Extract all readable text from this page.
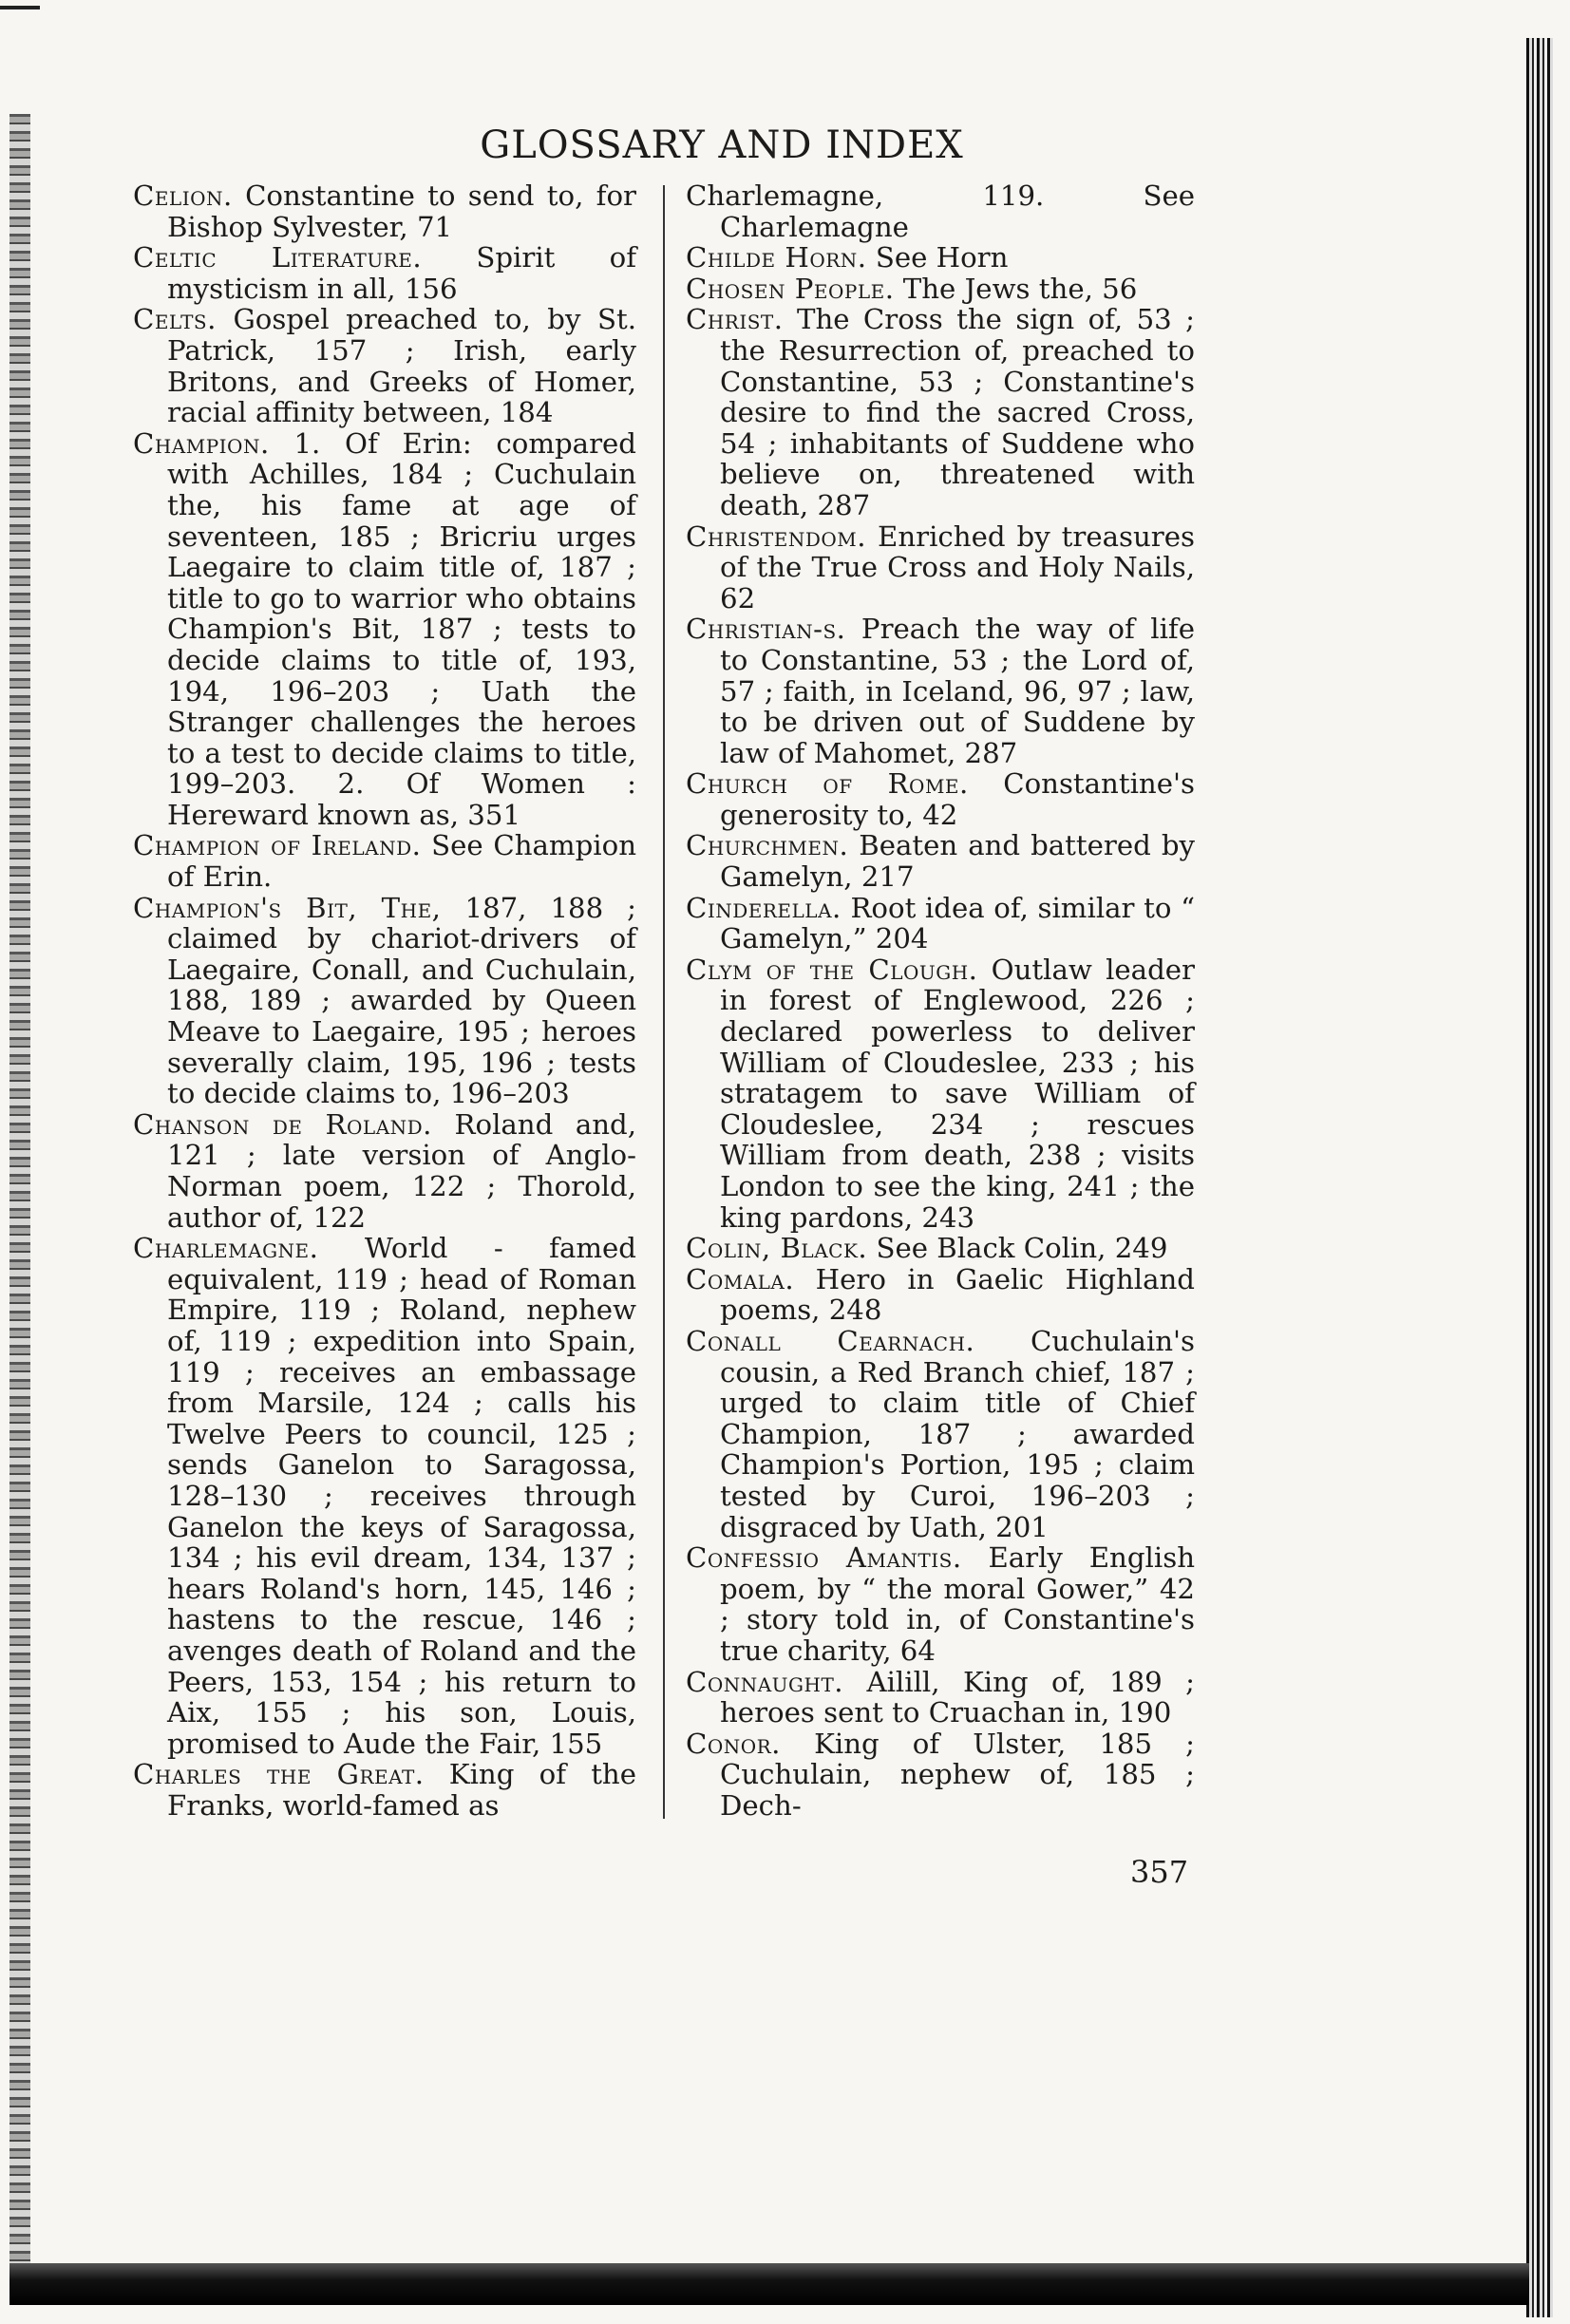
GLOSSARY AND INDEX

Celion. Constantine to send to, for Bishop Sylvester, 71

Celtic Literature. Spirit of mysticism in all, 156

Celts. Gospel preached to, by St. Patrick, 157 ; Irish, early Britons, and Greeks of Homer, racial affinity between, 184

Champion. 1. Of Erin: compared with Achilles, 184 ; Cuchulain the, his fame at age of seventeen, 185 ; Bricriu urges Laegaire to claim title of, 187 ; title to go to warrior who obtains Champion's Bit, 187 ; tests to decide claims to title of, 193, 194, 196–203 ; Uath the Stranger challenges the heroes to a test to decide claims to title, 199–203. 2. Of Women : Hereward known as, 351

Champion of Ireland. See Champion of Erin.

Champion's Bit, The, 187, 188 ; claimed by chariot-drivers of Laegaire, Conall, and Cuchulain, 188, 189 ; awarded by Queen Meave to Laegaire, 195 ; heroes severally claim, 195, 196 ; tests to decide claims to, 196–203

Chanson de Roland. Roland and, 121 ; late version of Anglo-Norman poem, 122 ; Thorold, author of, 122

Charlemagne. World - famed equivalent, 119 ; head of Roman Empire, 119 ; Roland, nephew of, 119 ; expedition into Spain, 119 ; receives an embassage from Marsile, 124 ; calls his Twelve Peers to council, 125 ; sends Ganelon to Saragossa, 128–130 ; receives through Ganelon the keys of Saragossa, 134 ; his evil dream, 134, 137 ; hears Roland's horn, 145, 146 ; hastens to the rescue, 146 ; avenges death of Roland and the Peers, 153, 154 ; his return to Aix, 155 ; his son, Louis, promised to Aude the Fair, 155

Charles the Great. King of the Franks, world-famed as

Charlemagne, 119. See Charlemagne

Childe Horn. See Horn

Chosen People. The Jews the, 56

Christ. The Cross the sign of, 53 ; the Resurrection of, preached to Constantine, 53 ; Constantine's desire to find the sacred Cross, 54 ; inhabitants of Suddene who believe on, threatened with death, 287

Christendom. Enriched by treasures of the True Cross and Holy Nails, 62

Christian-s. Preach the way of life to Constantine, 53 ; the Lord of, 57 ; faith, in Iceland, 96, 97 ; law, to be driven out of Suddene by law of Mahomet, 287

Church of Rome. Constantine's generosity to, 42

Churchmen. Beaten and battered by Gamelyn, 217

Cinderella. Root idea of, similar to “ Gamelyn,” 204

Clym of the Clough. Outlaw leader in forest of Englewood, 226 ; declared powerless to deliver William of Cloudeslee, 233 ; his stratagem to save William of Cloudeslee, 234 ; rescues William from death, 238 ; visits London to see the king, 241 ; the king pardons, 243

Colin, Black. See Black Colin, 249

Comala. Hero in Gaelic Highland poems, 248

Conall Cearnach. Cuchulain's cousin, a Red Branch chief, 187 ; urged to claim title of Chief Champion, 187 ; awarded Champion's Portion, 195 ; claim tested by Curoi, 196–203 ; disgraced by Uath, 201

Confessio Amantis. Early English poem, by “ the moral Gower,” 42 ; story told in, of Constantine's true charity, 64

Connaught. Ailill, King of, 189 ; heroes sent to Cruachan in, 190

Conor. King of Ulster, 185 ; Cuchulain, nephew of, 185 ; Dech-

357
